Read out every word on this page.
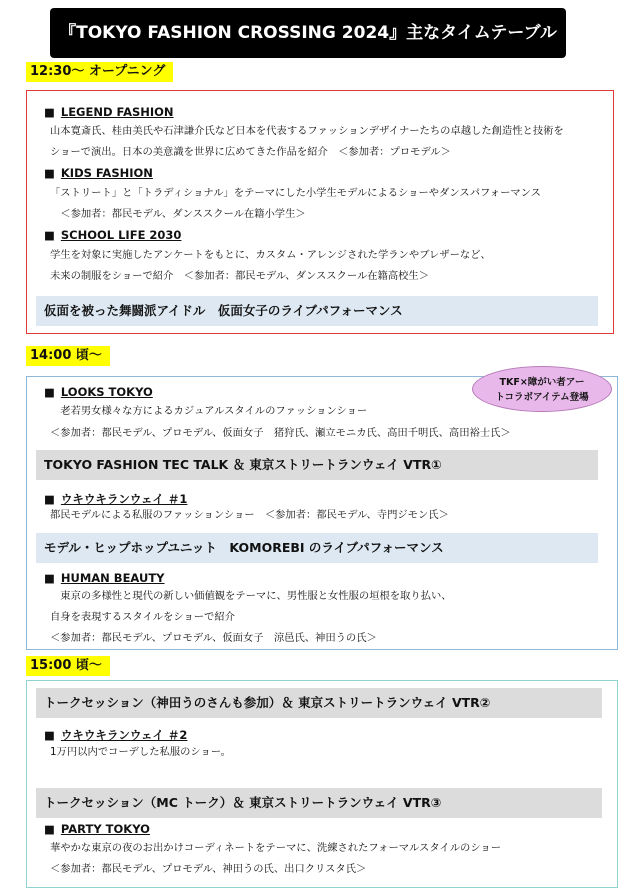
『TOKYO FASHION CROSSING 2024』主なタイムテーブル
12:30～ オープニング
■ LEGEND FASHION
山本寛斎氏、桂由美氏や石津謙介氏など日本を代表するファッションデザイナーたちの卓越した創造性と技術を
ショーで演出。日本の美意識を世界に広めてきた作品を紹介　＜参加者：プロモデル＞
■ KIDS FASHION
「ストリート」と「トラディショナル」をテーマにした小学生モデルによるショーやダンスパフォーマンス
　＜参加者：都民モデル、ダンススクール在籍小学生＞
■ SCHOOL LIFE 2030
学生を対象に実施したアンケートをもとに、カスタム・アレンジされた学ランやブレザーなど、
未来の制服をショーで紹介　＜参加者：都民モデル、ダンススクール在籍高校生＞
仮面を被った舞闘派アイドル　仮面女子のライブパフォーマンス
14:00 頃～
TKF×障がい者アー
トコラボアイテム登場
■ LOOKS TOKYO
　老若男女様々な方によるカジュアルスタイルのファッションショー
＜参加者：都民モデル、プロモデル、仮面女子　猪狩氏、瀬立モニカ氏、高田千明氏、高田裕士氏＞
TOKYO FASHION TEC TALK ＆ 東京ストリートランウェイ VTR①
■ ウキウキランウェイ ＃1
都民モデルによる私服のファッションショー　＜参加者：都民モデル、寺門ジモン氏＞
モデル・ヒップホップユニット　KOMOREBI のライブパフォーマンス
■ HUMAN BEAUTY
　東京の多様性と現代の新しい価値観をテーマに、男性服と女性服の垣根を取り払い、
自身を表現するスタイルをショーで紹介
＜参加者：都民モデル、プロモデル、仮面女子　涼邑氏、神田うの氏＞
15:00 頃～
トークセッション（神田うのさんも参加）＆ 東京ストリートランウェイ VTR②
■ ウキウキランウェイ ＃2
1万円以内でコーデした私服のショー。
トークセッション（MC トーク）＆ 東京ストリートランウェイ VTR③
■ PARTY TOKYO
華やかな東京の夜のお出かけコーディネートをテーマに、洗練されたフォーマルスタイルのショー
＜参加者：都民モデル、プロモデル、神田うの氏、出口クリスタ氏＞
